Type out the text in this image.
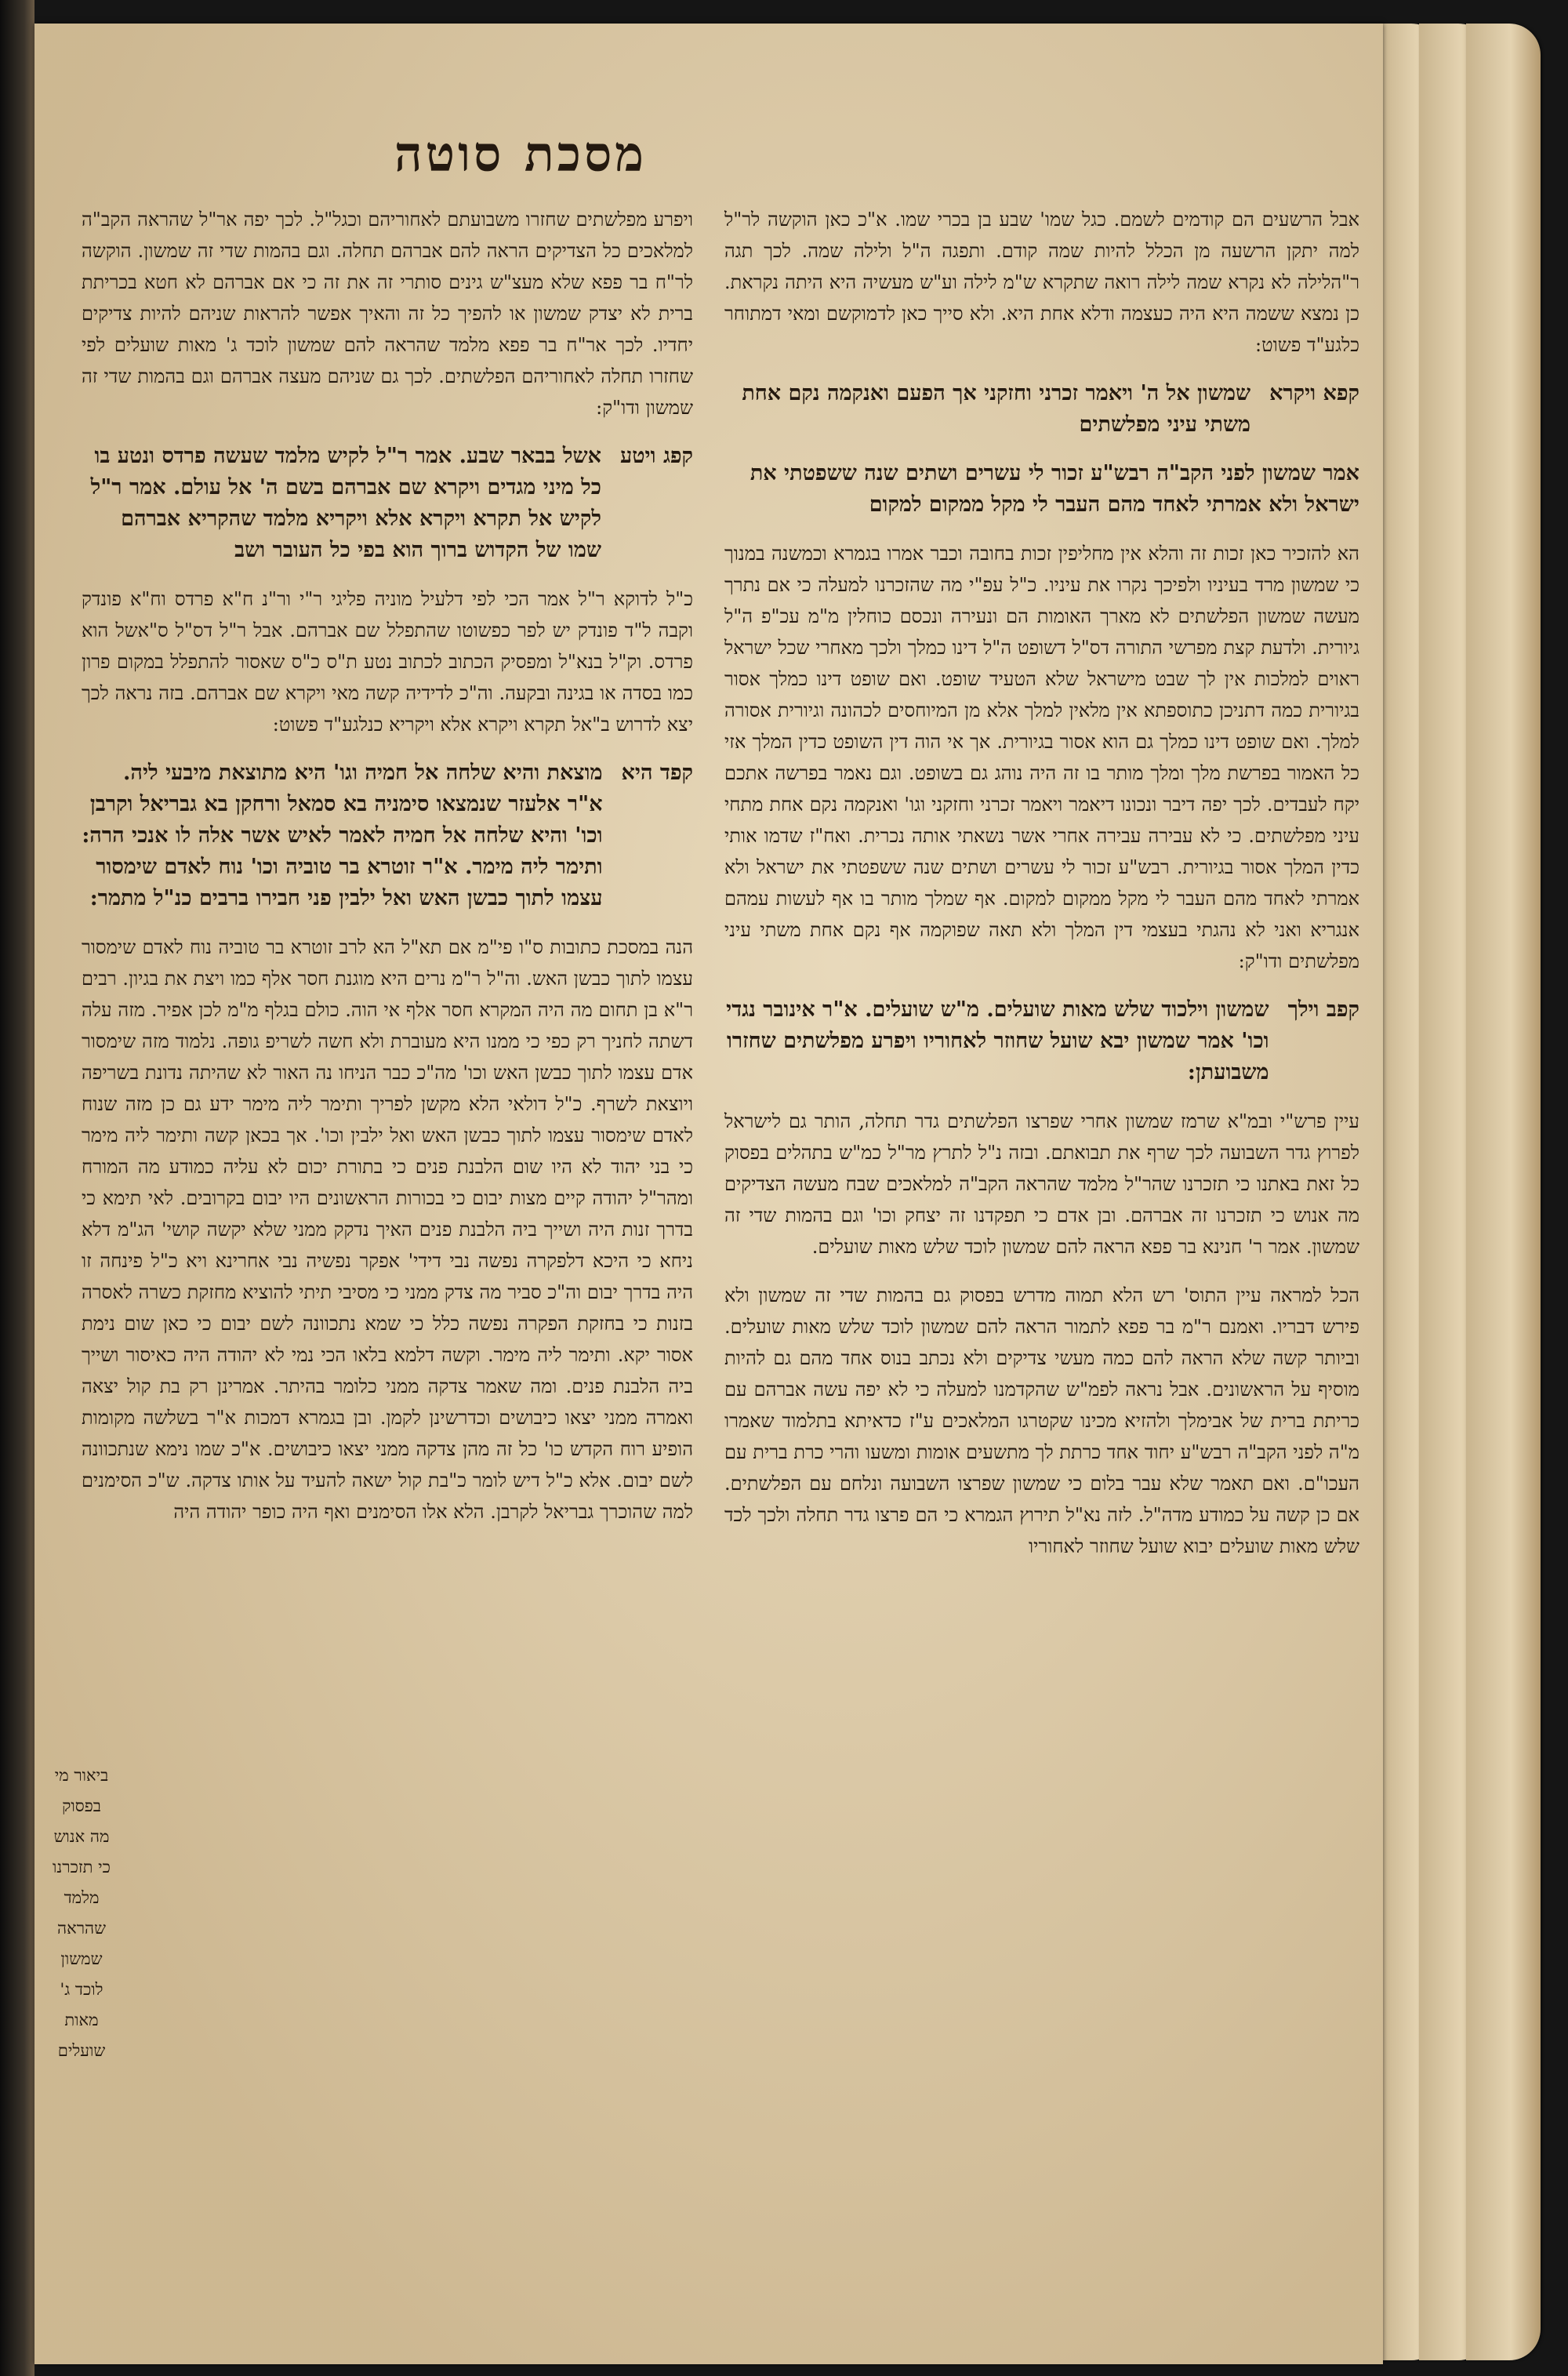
מסכת סוטה
אבל הרשעים הם קודמים לשמם. כגל שמו' שבע בן בכרי שמו. א"כ כאן הוקשה לר"ל למה יתקן הרשעה מן הכלל להיות שמה קודם. ותפגה ה"ל ולילה שמה. לכך תגה ר"הלילה לא נקרא שמה לילה רואה שתקרא ש"מ לילה וע"ש מעשיה היא היתה נקראת. כן נמצא ששמה היא היה כעצמה ודלא אחת היא. ולא סייך כאן לדמוקשם ומאי דמתוחר כלגע"ד פשוט:
קפא ויקרא
שמשון אל ה' ויאמר זכרני וחזקני אך הפעם ואנקמה נקם אחת משתי עיני מפלשתים
אמר שמשון לפני הקב"ה רבש"ע זכור לי עשרים ושתים שנה ששפטתי את ישראל ולא אמרתי לאחד מהם העבר לי מקל ממקום למקום
הא להזכיר כאן זכות זה והלא אין מחליפין זכות בחובה וכבר אמרו בגמרא וכמשנה במנוך כי שמשון מרד בעיניו ולפיכך נקרו את עיניו. כ"ל עפ"י מה שהזכרנו למעלה כי אם נתרך מעשה שמשון הפלשתים לא מארך האומות הם ונעירה ונכסם כוחלין מ"מ עכ"פ ה"ל גיורית. ולדעת קצת מפרשי התורה דס"ל דשופט ה"ל דינו כמלך ולכך מאחרי שכל ישראל ראוים למלכות אין לך שבט מישראל שלא הטעיד שופט. ואם שופט דינו כמלך אסור בגיורית כמה דתניכן כתוספתא אין מלאין למלך אלא מן המיוחסים לכהונה וגיורית אסורה למלך. ואם שופט דינו כמלך גם הוא אסור בגיורית. אך אי הוה דין השופט כדין המלך אזי כל האמור בפרשת מלך ומלך מותר בו זה היה נוהג גם בשופט. וגם נאמר בפרשה אתכם יקח לעבדים. לכך יפה דיבר ונכונו דיאמר ויאמר זכרני וחזקני וגו' ואנקמה נקם אחת מתחי עיני מפלשתים. כי לא עבירה עבירה אחרי אשר נשאתי אותה נכרית. ואח"ז שדמו אותי כדין המלך אסור בגיורית. רבש"ע זכור לי עשרים ושתים שנה ששפטתי את ישראל ולא אמרתי לאחד מהם העבר לי מקל ממקום למקום. אף שמלך מותר בו אף לעשות עמהם אנגריא ואני לא נהגתי בעצמי דין המלך ולא תאה שפוקמה אף נקם אחת משתי עיני מפלשתים ודו"ק:
קפב וילך
שמשון וילכוד שלש מאות שועלים. מ"ש שועלים. א"ר אינובר נגדי וכו' אמר שמשון יבא שועל שחוזר לאחוריו ויפרע מפלשתים שחזרו משבועתן:
עיין פרש"י ובמ"א שרמז שמשון אחרי שפרצו הפלשתים גדר תחלה, הותר גם לישראל לפרוץ גדר השבועה לכך שרף את תבואתם. ובזה נ"ל לתרץ מר"ל כמ"ש בתהלים בפסוק כל זאת באתנו כי תזכרנו שהר"ל מלמד שהראה הקב"ה למלאכים שבח מעשה הצדיקים מה אנוש כי תזכרנו זה אברהם. ובן אדם כי תפקדנו זה יצחק וכו' וגם בהמות שדי זה שמשון. אמר ר' חנינא בר פפא הראה להם שמשון לוכד שלש מאות שועלים.
הכל למראה עיין התוס' רש הלא תמוה מדרש בפסוק גם בהמות שדי זה שמשון ולא פירש דבריו. ואמנם ר"מ בר פפא לתמור הראה להם שמשון לוכד שלש מאות שועלים. וביותר קשה שלא הראה להם כמה מעשי צדיקים ולא נכתב בנוס אחד מהם גם להיות מוסיף על הראשונים. אבל נראה לפמ"ש שהקדמנו למעלה כי לא יפה עשה אברהם עם כריתת ברית של אבימלך ולהזיא מכינו שקטרגו המלאכים ע"ז כדאיתא בתלמוד שאמרו מ"ה לפני הקב"ה רבש"ע יחוד אחד כרתת לך מתשעים אומות ומשעו והרי כרת ברית עם העכו"ם. ואם תאמר שלא עבר בלום כי שמשון שפרצו השבועה ונלחם עם הפלשתים. אם כן קשה על כמודע מדה"ל. לזה נא"ל תירוץ הגמרא כי הם פרצו גדר תחלה ולכך לכד שלש מאות שועלים יבוא שועל שחוזר לאחוריו
ביאור מי בפסוק מה אנוש כי תזכרנו מלמד שהראה שמשון לוכד ג' מאות שועלים
ויפרע מפלשתים שחזרו משבועתם לאחוריהם וכגל"ל. לכך יפה אר"ל שהראה הקב"ה למלאכים כל הצדיקים הראה להם אברהם תחלה. וגם בהמות שדי זה שמשון. הוקשה לר"ח בר פפא שלא מעצ"ש גינים סותרי זה את זה כי אם אברהם לא חטא בכריתת ברית לא יצדק שמשון או להפיך כל זה והאיך אפשר להראות שניהם להיות צדיקים יחדיו. לכך אר"ח בר פפא מלמד שהראה להם שמשון לוכד ג' מאות שועלים לפי שחזרו תחלה לאחוריהם הפלשתים. לכך גם שניהם מעצה אברהם וגם בהמות שדי זה שמשון ודו"ק:
קפג ויטע
אשל בבאר שבע. אמר ר"ל לקיש מלמד שעשה פרדס ונטע בו כל מיני מגדים ויקרא שם אברהם בשם ה' אל עולם. אמר ר"ל לקיש אל תקרא ויקרא אלא ויקריא מלמד שהקריא אברהם שמו של הקדוש ברוך הוא בפי כל העובר ושב
כ"ל לדוקא ר"ל אמר הכי לפי דלעיל מוניה פליגי ר"י ור"נ ח"א פרדס וח"א פונדק וקבה ל"ד פונדק יש לפר כפשוטו שהתפלל שם אברהם. אבל ר"ל דס"ל ס"אשל הוא פרדס. וק"ל בנא"ל ומפסיק הכתוב לכתוב נטע ת"ס כ"ס שאסור להתפלל במקום פרון כמו בסדה או בגינה ובקעה. וה"כ לדידיה קשה מאי ויקרא שם אברהם. בזה נראה לכך יצא לדרוש ב"אל תקרא ויקרא אלא ויקריא כנלגע"ד פשוט:
קפד היא
מוצאת והיא שלחה אל חמיה וגו' היא מתוצאת מיבעי ליה. א"ר אלעזר שנמצאו סימניה בא סמאל ורחקן בא גבריאל וקרבן וכו' והיא שלחה אל חמיה לאמר לאיש אשר אלה לו אנכי הרה: ותימר ליה מימר. א"ר זוטרא בר טוביה וכו' נוח לאדם שימסור עצמו לתוך כבשן האש ואל ילבין פני חבירו ברבים כנ"ל מתמר:
הנה במסכת כתובות ס"ו פי"מ אם תא"ל הא לרב זוטרא בר טוביה נוח לאדם שימסור עצמו לתוך כבשן האש. וה"ל ר"מ נרים היא מוגנת חסר אלף כמו ויצת את בגיון. רבים ר"א בן תחום מה היה המקרא חסר אלף אי הוה. כולם בגלף מ"מ לכן אפיר. מזה עלה דשתה לחניך רק כפי כי ממנו היא מעוברת ולא חשה לשריפ גופה. נלמוד מזה שימסור אדם עצמו לתוך כבשן האש וכו' מה"כ כבר הניחו נה האור לא שהיתה נדונת בשריפה ויוצאת לשרף. כ"ל דולאי הלא מקשן לפריך ותימר ליה מימר ידע גם כן מזה שנוח לאדם שימסור עצמו לתוך כבשן האש ואל ילבין וכו'. אך בכאן קשה ותימר ליה מימר כי בני יהוד לא היו שום הלבנת פנים כי בתורת יכום לא עליה כמודע מה המורח ומהר"ל יהודה קיים מצות יבום כי בכורות הראשונים היו יבום בקרובים. לאי תימא כי בדרך זנות היה ושייך ביה הלבנת פנים האיך נדקק ממני שלא יקשה קושי' הג"מ דלא ניחא כי היכא דלפקרה נפשה נבי דידי' אפקר נפשיה נבי אחרינא ויא כ"ל פינחה זו היה בדרך יבום וה"כ סביר מה צדק ממני כי מסיבי תיתי להוציא מחזקת כשרה לאסרה בזנות כי בחזקת הפקרה נפשה כלל כי שמא נתכוונה לשם יבום כי כאן שום נימת אסור יקא. ותימר ליה מימר. וקשה דלמא בלאו הכי נמי לא יהודה היה כאיסור ושייך ביה הלבנת פנים. ומה שאמר צדקה ממני כלומר בהיתר. אמרינן רק בת קול יצאה ואמרה ממני יצאו כיבושים וכדרשינן לקמן. ובן בגמרא דמכות א"ר בשלשה מקומות הופיע רוח הקדש כו' כל זה מהן צדקה ממני יצאו כיבושים. א"כ שמו נימא שנתכוונה לשם יבום. אלא כ"ל דיש לומר כ"בת קול ישאה להעיד על אותו צדקה. ש"כ הסימנים למה שהוכרך גבריאל לקרבן. הלא אלו הסימנים ואף היה כופר יהודה היה
